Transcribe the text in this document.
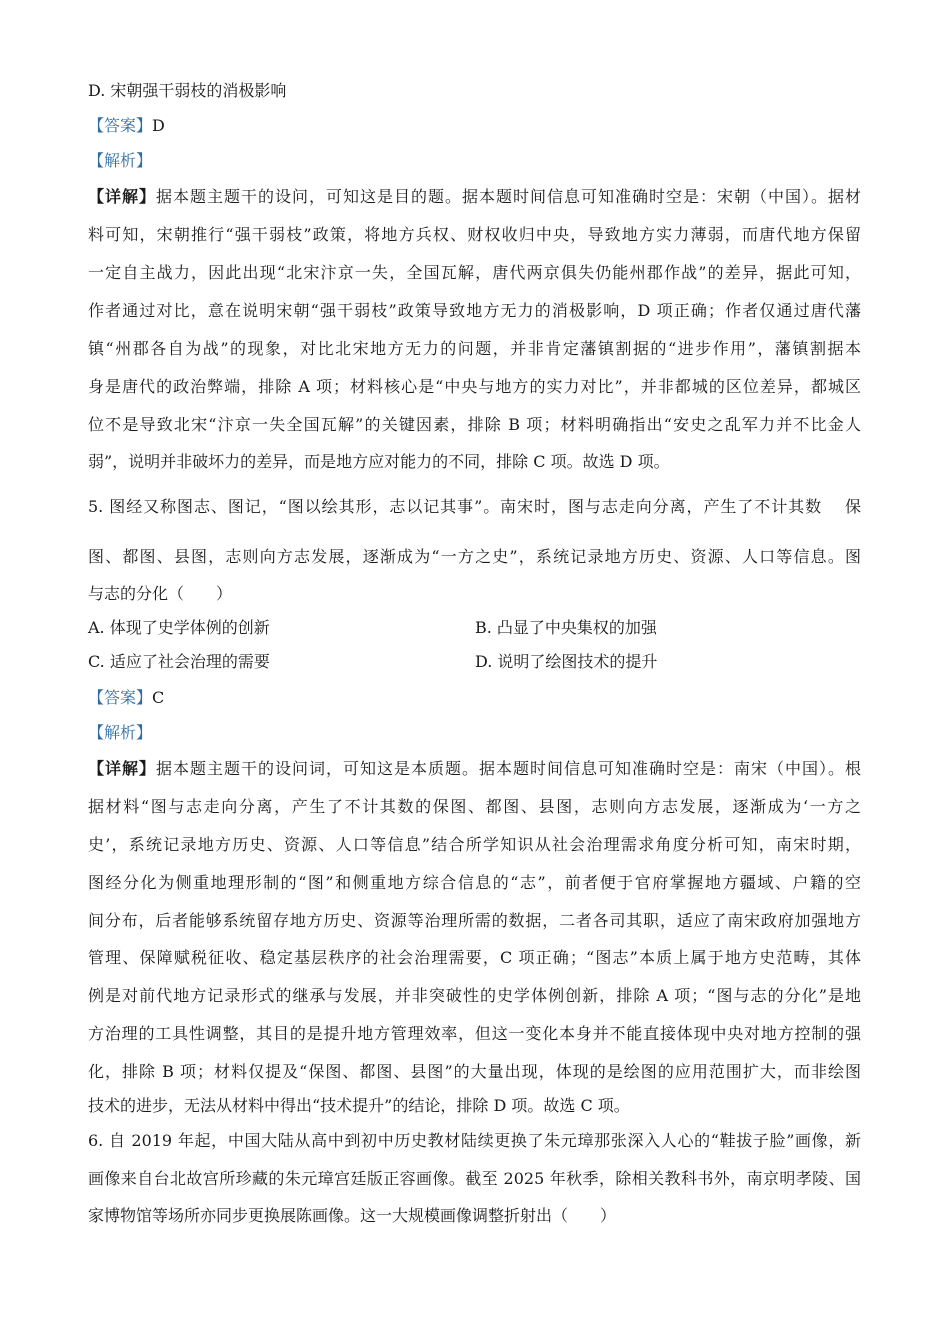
D. 宋朝强干弱枝的消极影响
【答案】D
【解析】
【详解】据本题主题干的设问，可知这是目的题。据本题时间信息可知准确时空是：宋朝（中国）。据材
料可知，宋朝推行“强干弱枝”政策，将地方兵权、财权收归中央，导致地方实力薄弱，而唐代地方保留
一定自主战力，因此出现“北宋汴京一失，全国瓦解，唐代两京俱失仍能州郡作战”的差异，据此可知，
作者通过对比，意在说明宋朝“强干弱枝”政策导致地方无力的消极影响，D 项正确；作者仅通过唐代藩
镇“州郡各自为战”的现象，对比北宋地方无力的问题，并非肯定藩镇割据的“进步作用”，藩镇割据本
身是唐代的政治弊端，排除 A 项；材料核心是“中央与地方的实力对比”，并非都城的区位差异，都城区
位不是导致北宋“汴京一失全国瓦解”的关键因素，排除 B 项；材料明确指出“安史之乱军力并不比金人
弱”，说明并非破坏力的差异，而是地方应对能力的不同，排除 C 项。故选 D 项。
5. 图经又称图志、图记，“图以绘其形，志以记其事”。南宋时，图与志走向分离，产生了不计其数　 保
图、都图、县图，志则向方志发展，逐渐成为“一方之史”，系统记录地方历史、资源、人口等信息。图
与志的分化（　　）
A. 体现了史学体例的创新	B. 凸显了中央集权的加强
C. 适应了社会治理的需要	D. 说明了绘图技术的提升
【答案】C
【解析】
【详解】据本题主题干的设问词，可知这是本质题。据本题时间信息可知准确时空是：南宋（中国）。根
据材料“图与志走向分离，产生了不计其数的保图、都图、县图，志则向方志发展，逐渐成为‘一方之
史’，系统记录地方历史、资源、人口等信息”结合所学知识从社会治理需求角度分析可知，南宋时期，
图经分化为侧重地理形制的“图”和侧重地方综合信息的“志”，前者便于官府掌握地方疆域、户籍的空
间分布，后者能够系统留存地方历史、资源等治理所需的数据，二者各司其职，适应了南宋政府加强地方
管理、保障赋税征收、稳定基层秩序的社会治理需要，C 项正确；“图志”本质上属于地方史范畴，其体
例是对前代地方记录形式的继承与发展，并非突破性的史学体例创新，排除 A 项；“图与志的分化”是地
方治理的工具性调整，其目的是提升地方管理效率，但这一变化本身并不能直接体现中央对地方控制的强
化，排除 B 项；材料仅提及“保图、都图、县图”的大量出现，体现的是绘图的应用范围扩大，而非绘图
技术的进步，无法从材料中得出“技术提升”的结论，排除 D 项。故选 C 项。
6. 自 2019 年起，中国大陆从高中到初中历史教材陆续更换了朱元璋那张深入人心的“鞋拔子脸”画像，新
画像来自台北故宫所珍藏的朱元璋宫廷版正容画像。截至 2025 年秋季，除相关教科书外，南京明孝陵、国
家博物馆等场所亦同步更换展陈画像。这一大规模画像调整折射出（　　）
